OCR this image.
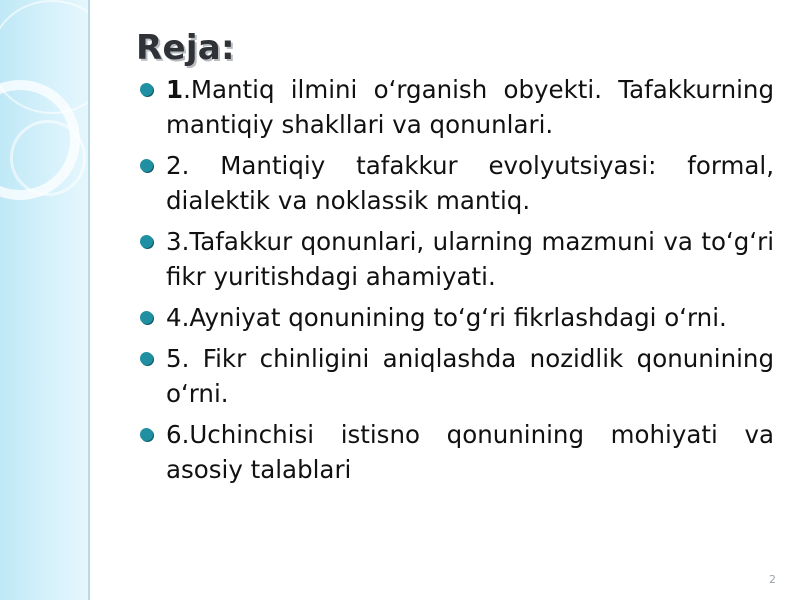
Reja:
1.Mantiq ilmini o‘rganish obyekti. Tafakkurning mantiqiy shakllari va qonunlari.
2. Mantiqiy tafakkur evolyutsiyasi: formal, dialektik va noklassik mantiq.
3.Tafakkur qonunlari, ularning mazmuni va to‘g‘ri fikr yuritishdagi ahamiyati.
4.Ayniyat qonunining to‘g‘ri fikrlashdagi o‘rni.
5. Fikr chinligini aniqlashda nozidlik qonunining o‘rni.
6.Uchinchisi istisno qonunining mohiyati va asosiy talablari
2
